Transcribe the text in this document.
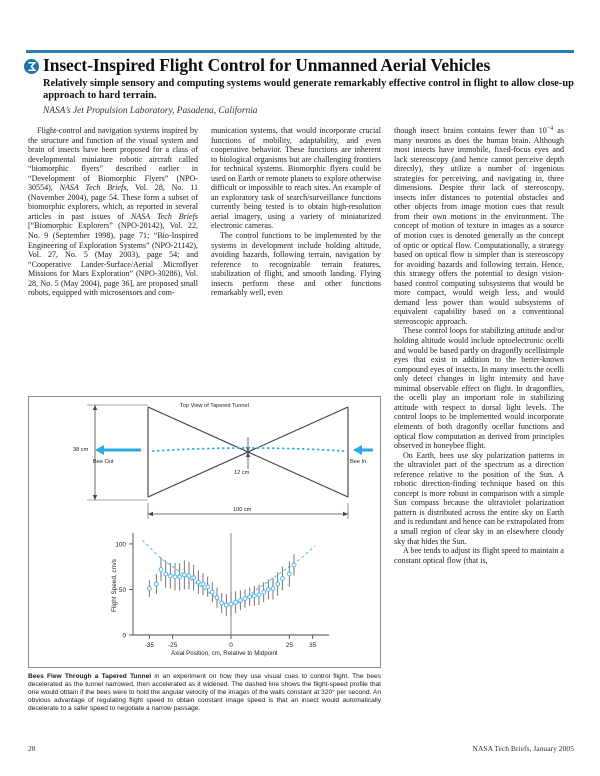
Insect-Inspired Flight Control for Unmanned Aerial Vehicles
Relatively simple sensory and computing systems would generate remarkably effective control in flight to allow close-up approach to hard terrain.
NASA’s Jet Propulsion Laboratory, Pasadena, California

Flight-control and navigation systems inspired by the structure and function of the visual system and brain of insects have been proposed for a class of developmental miniature robotic aircraft called “biomorphic flyers” described earlier in “Development of Biomorphic Flyers” (NPO-30554), NASA Tech Briefs, Vol. 28, No. 11 (November 2004), page 54. These form a subset of biomorphic explorers, which, as reported in several articles in past issues of NASA Tech Briefs [“Biomorphic Explorers” (NPO-20142), Vol. 22, No. 9 (September 1998), page 71; “Bio-Inspired Engineering of Exploration Systems” (NPO-21142), Vol. 27, No. 5 (May 2003), page 54; and “Cooperative Lander-Surface/Aerial Microflyer Missions for Mars Exploration” (NPO-30286), Vol. 28, No. 5 (May 2004), page 36], are proposed small robots, equipped with microsensors and com-

munication systems, that would incorporate crucial functions of mobility, adaptability, and even cooperative behavior. These functions are inherent to biological organisms but are challenging frontiers for technical systems. Biomorphic flyers could be used on Earth or remote planets to explore otherwise difficult or impossible to reach sites. An example of an exploratory task of search/surveillance functions currently being tested is to obtain high-resolution aerial imagery, using a variety of miniaturized electronic cameras.

The control functions to be implemented by the systems in development include holding altitude, avoiding hazards, following terrain, navigation by reference to recognizable terrain features, stabilization of flight, and smooth landing. Flying insects perform these and other functions remarkably well, even

though insect brains contains fewer than $10^{-4}$ as many neurons as does the human brain. Although most insects have immobile, fixed-focus eyes and lack stereoscopy (and hence cannot perceive depth directly), they utilize a number of ingenious strategies for perceiving, and navigating in, three dimensions. Despite their lack of stereoscopy, insects infer distances to potential obstacles and other objects from image motion cues that result from their own motions in the environment. The concept of motion of texture in images as a source of motion cues is denoted generally as the concept of optic or optical flow. Computationally, a strategy based on optical flow is simpler than is stereoscopy for avoiding hazards and following terrain. Hence, this strategy offers the potential to design vision-based control computing subsystems that would be more compact, would weigh less, and would demand less power than would subsystems of equivalent capability based on a conventional stereoscopic approach.

These control loops for stabilizing attitude and/or holding altitude would include optoelectronic ocelli and would be based partly on dragonfly ocellisimple eyes that exist in addition to the better-known compound eyes of insects. In many insects the ocelli only detect changes in light intensity and have minimal observable effect on flight. In dragonflies, the ocelli play an important role in stabilizing attitude with respect to dorsal light levels. The control loops to be implemented would incorporate elements of both dragonfly ocellar functions and optical flow computation as derived from principles observed in honeybee flight.

On Earth, bees use sky polarization patterns in the ultraviolet part of the spectrum as a direction reference relative to the position of the Sun. A robotic direction-finding technique based on this concept is more robust in comparison with a simple Sun compass because the ultraviolet polarization pattern is distributed across the entire sky on Earth and is redundant and hence can be extrapolated from a small region of clear sky in an elsewhere cloudy sky that hides the Sun.

A bee tends to adjust its flight speed to maintain a constant optical flow (that is,

Top View of Tapered Tunnel
38 cm
12 cm
100 cm
Bee Out	Bee In
0
50
100
-35 -25	0	25	35
Flight Speed, cm/s
Axial Position, cm, Relative to Midpoint
Bees Flew Through a Tapered Tunnel in an experiment on how they use visual cues to control flight. The bees decelerated as the tunnel narrowed, then accelerated as it widened. The dashed line shows the flight-speed profile that one would obtain if the bees were to hold the angular velocity of the images of the walls constant at 320° per second. An obvious advantage of regulating flight speed to obtain constant image speed is that an insect would automatically decelerate to a safer speed to negotiate a narrow passage.
28	NASA Tech Briefs, January 2005
